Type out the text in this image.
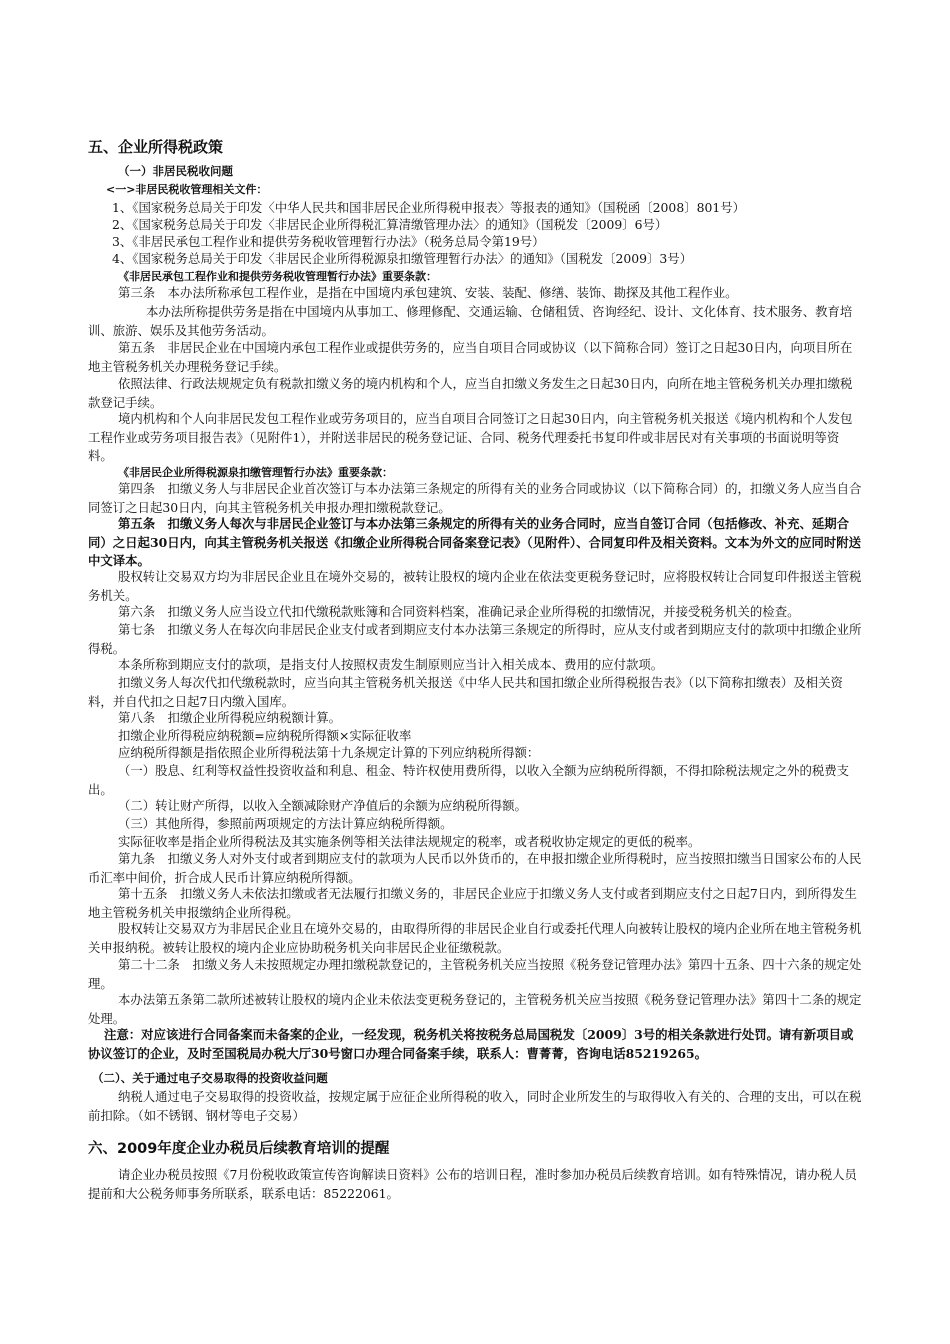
五、企业所得税政策
（一）非居民税收问题
<一>非居民税收管理相关文件：
1、《国家税务总局关于印发〈中华人民共和国非居民企业所得税申报表〉等报表的通知》（国税函〔2008〕801号）
2、《国家税务总局关于印发〈非居民企业所得税汇算清缴管理办法〉的通知》（国税发〔2009〕6号）
3、《非居民承包工程作业和提供劳务税收管理暂行办法》（税务总局令第19号）
4、《国家税务总局关于印发〈非居民企业所得税源泉扣缴管理暂行办法〉的通知》（国税发〔2009〕3号）
《非居民承包工程作业和提供劳务税收管理暂行办法》重要条款：
第三条　本办法所称承包工程作业，是指在中国境内承包建筑、安装、装配、修缮、装饰、勘探及其他工程作业。
本办法所称提供劳务是指在中国境内从事加工、修理修配、交通运输、仓储租赁、咨询经纪、设计、文化体育、技术服务、教育培训、旅游、娱乐及其他劳务活动。
第五条　非居民企业在中国境内承包工程作业或提供劳务的，应当自项目合同或协议（以下简称合同）签订之日起30日内，向项目所在地主管税务机关办理税务登记手续。
依照法律、行政法规规定负有税款扣缴义务的境内机构和个人，应当自扣缴义务发生之日起30日内，向所在地主管税务机关办理扣缴税款登记手续。
境内机构和个人向非居民发包工程作业或劳务项目的，应当自项目合同签订之日起30日内，向主管税务机关报送《境内机构和个人发包工程作业或劳务项目报告表》（见附件1），并附送非居民的税务登记证、合同、税务代理委托书复印件或非居民对有关事项的书面说明等资料。
《非居民企业所得税源泉扣缴管理暂行办法》重要条款：
第四条　扣缴义务人与非居民企业首次签订与本办法第三条规定的所得有关的业务合同或协议（以下简称合同）的，扣缴义务人应当自合同签订之日起30日内，向其主管税务机关申报办理扣缴税款登记。
第五条　扣缴义务人每次与非居民企业签订与本办法第三条规定的所得有关的业务合同时，应当自签订合同（包括修改、补充、延期合同）之日起30日内，向其主管税务机关报送《扣缴企业所得税合同备案登记表》（见附件）、合同复印件及相关资料。文本为外文的应同时附送中文译本。
股权转让交易双方均为非居民企业且在境外交易的，被转让股权的境内企业在依法变更税务登记时，应将股权转让合同复印件报送主管税务机关。
第六条　扣缴义务人应当设立代扣代缴税款账簿和合同资料档案，准确记录企业所得税的扣缴情况，并接受税务机关的检查。
第七条　扣缴义务人在每次向非居民企业支付或者到期应支付本办法第三条规定的所得时，应从支付或者到期应支付的款项中扣缴企业所得税。
本条所称到期应支付的款项，是指支付人按照权责发生制原则应当计入相关成本、费用的应付款项。
扣缴义务人每次代扣代缴税款时，应当向其主管税务机关报送《中华人民共和国扣缴企业所得税报告表》（以下简称扣缴表）及相关资料，并自代扣之日起7日内缴入国库。
第八条　扣缴企业所得税应纳税额计算。
扣缴企业所得税应纳税额=应纳税所得额×实际征收率
应纳税所得额是指依照企业所得税法第十九条规定计算的下列应纳税所得额：
（一）股息、红利等权益性投资收益和利息、租金、特许权使用费所得，以收入全额为应纳税所得额，不得扣除税法规定之外的税费支出。
（二）转让财产所得，以收入全额减除财产净值后的余额为应纳税所得额。
（三）其他所得，参照前两项规定的方法计算应纳税所得额。
实际征收率是指企业所得税法及其实施条例等相关法律法规规定的税率，或者税收协定规定的更低的税率。
第九条　扣缴义务人对外支付或者到期应支付的款项为人民币以外货币的，在申报扣缴企业所得税时，应当按照扣缴当日国家公布的人民币汇率中间价，折合成人民币计算应纳税所得额。
第十五条　扣缴义务人未依法扣缴或者无法履行扣缴义务的，非居民企业应于扣缴义务人支付或者到期应支付之日起7日内，到所得发生地主管税务机关申报缴纳企业所得税。
股权转让交易双方为非居民企业且在境外交易的，由取得所得的非居民企业自行或委托代理人向被转让股权的境内企业所在地主管税务机关申报纳税。被转让股权的境内企业应协助税务机关向非居民企业征缴税款。
第二十二条　扣缴义务人未按照规定办理扣缴税款登记的，主管税务机关应当按照《税务登记管理办法》第四十五条、四十六条的规定处理。
本办法第五条第二款所述被转让股权的境内企业未依法变更税务登记的，主管税务机关应当按照《税务登记管理办法》第四十二条的规定处理。
注意：对应该进行合同备案而未备案的企业，一经发现，税务机关将按税务总局国税发〔2009〕3号的相关条款进行处罚。请有新项目或协议签订的企业，及时至国税局办税大厅30号窗口办理合同备案手续，联系人：曹菁菁，咨询电话85219265。
（二）、关于通过电子交易取得的投资收益问题
纳税人通过电子交易取得的投资收益，按规定属于应征企业所得税的收入，同时企业所发生的与取得收入有关的、合理的支出，可以在税前扣除。（如不锈钢、钢材等电子交易）
六、2009年度企业办税员后续教育培训的提醒
请企业办税员按照《7月份税收政策宣传咨询解读日资料》公布的培训日程，准时参加办税员后续教育培训。如有特殊情况，请办税人员提前和大公税务师事务所联系，联系电话：85222061。
